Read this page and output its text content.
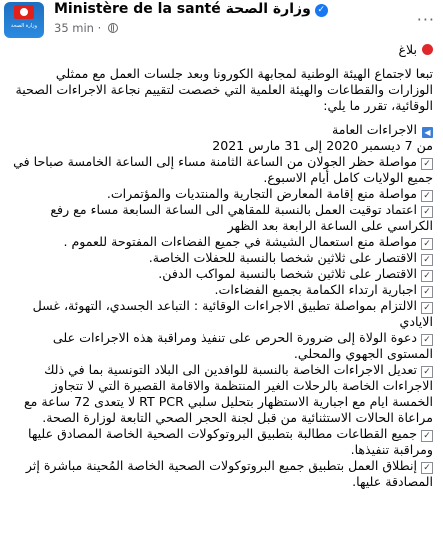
وزارة الصحة
Ministère de la santé وزارة الصحة ✓
35 min ·	···

بلاغ

تبعا لاجتماع الهيئة الوطنية لمجابهة الكورونا وبعد جلسات العمل مع ممثلي الوزارات والقطاعات والهيئة العلمية التي خصصت لتقييم نجاعة الاجراءات الصحية الوقائية، تقرر ما يلي:

◀الاجراءات العامة

من 7 ديسمبر 2020 إلى 31 مارس 2021

✓مواصلة حظر الجولان من الساعة الثامنة مساء إلى الساعة الخامسة صباحا في جميع الولايات كامل أيام الاسبوع.

✓مواصلة منع إقامة المعارض التجارية والمنتديات والمؤتمرات.

✓اعتماد توقيت العمل بالنسبة للمقاهي الى الساعة السابعة مساء مع رفع الكراسي على الساعة الرابعة بعد الظهر

✓مواصلة منع استعمال الشيشة في جميع الفضاءات المفتوحة للعموم .

✓الاقتصار على ثلاثين شخصا بالنسبة للحفلات الخاصة.

✓الاقتصار على ثلاثين شخصا بالنسبة لمواكب الدفن.

✓اجبارية ارتداء الكمامة بجميع الفضاءات.

✓الالتزام بمواصلة تطبيق الاجراءات الوقائية : التباعد الجسدي، التهوئة، غسل الايادي

✓دعوة الولاة إلى ضرورة الحرص على تنفيذ ومراقبة هذه الاجراءات على المستوى الجهوي والمحلي.

✓تعديل الاجراءات الخاصة بالنسبة للوافدين الى البلاد التونسية بما في ذلك الاجراءات الخاصة بالرحلات الغير المنتظمة والاقامة القصيرة التي لا تتجاوز الخمسة ايام مع اجبارية الاستظهار بتحليل سلبي RT PCR لا يتعدى 72 ساعة مع مراعاة الحالات الاستثنائية من قبل لجنة الحجر الصحي التابعة لوزارة الصحة.

✓جميع القطاعات مطالبة بتطبيق البروتوكولات الصحية الخاصة المصادق عليها ومراقبة تنفيذها.

✓إنطلاق العمل بتطبيق جميع البروتوكولات الصحية الخاصة المُحينة مباشرة إثر المصادقة عليها.
